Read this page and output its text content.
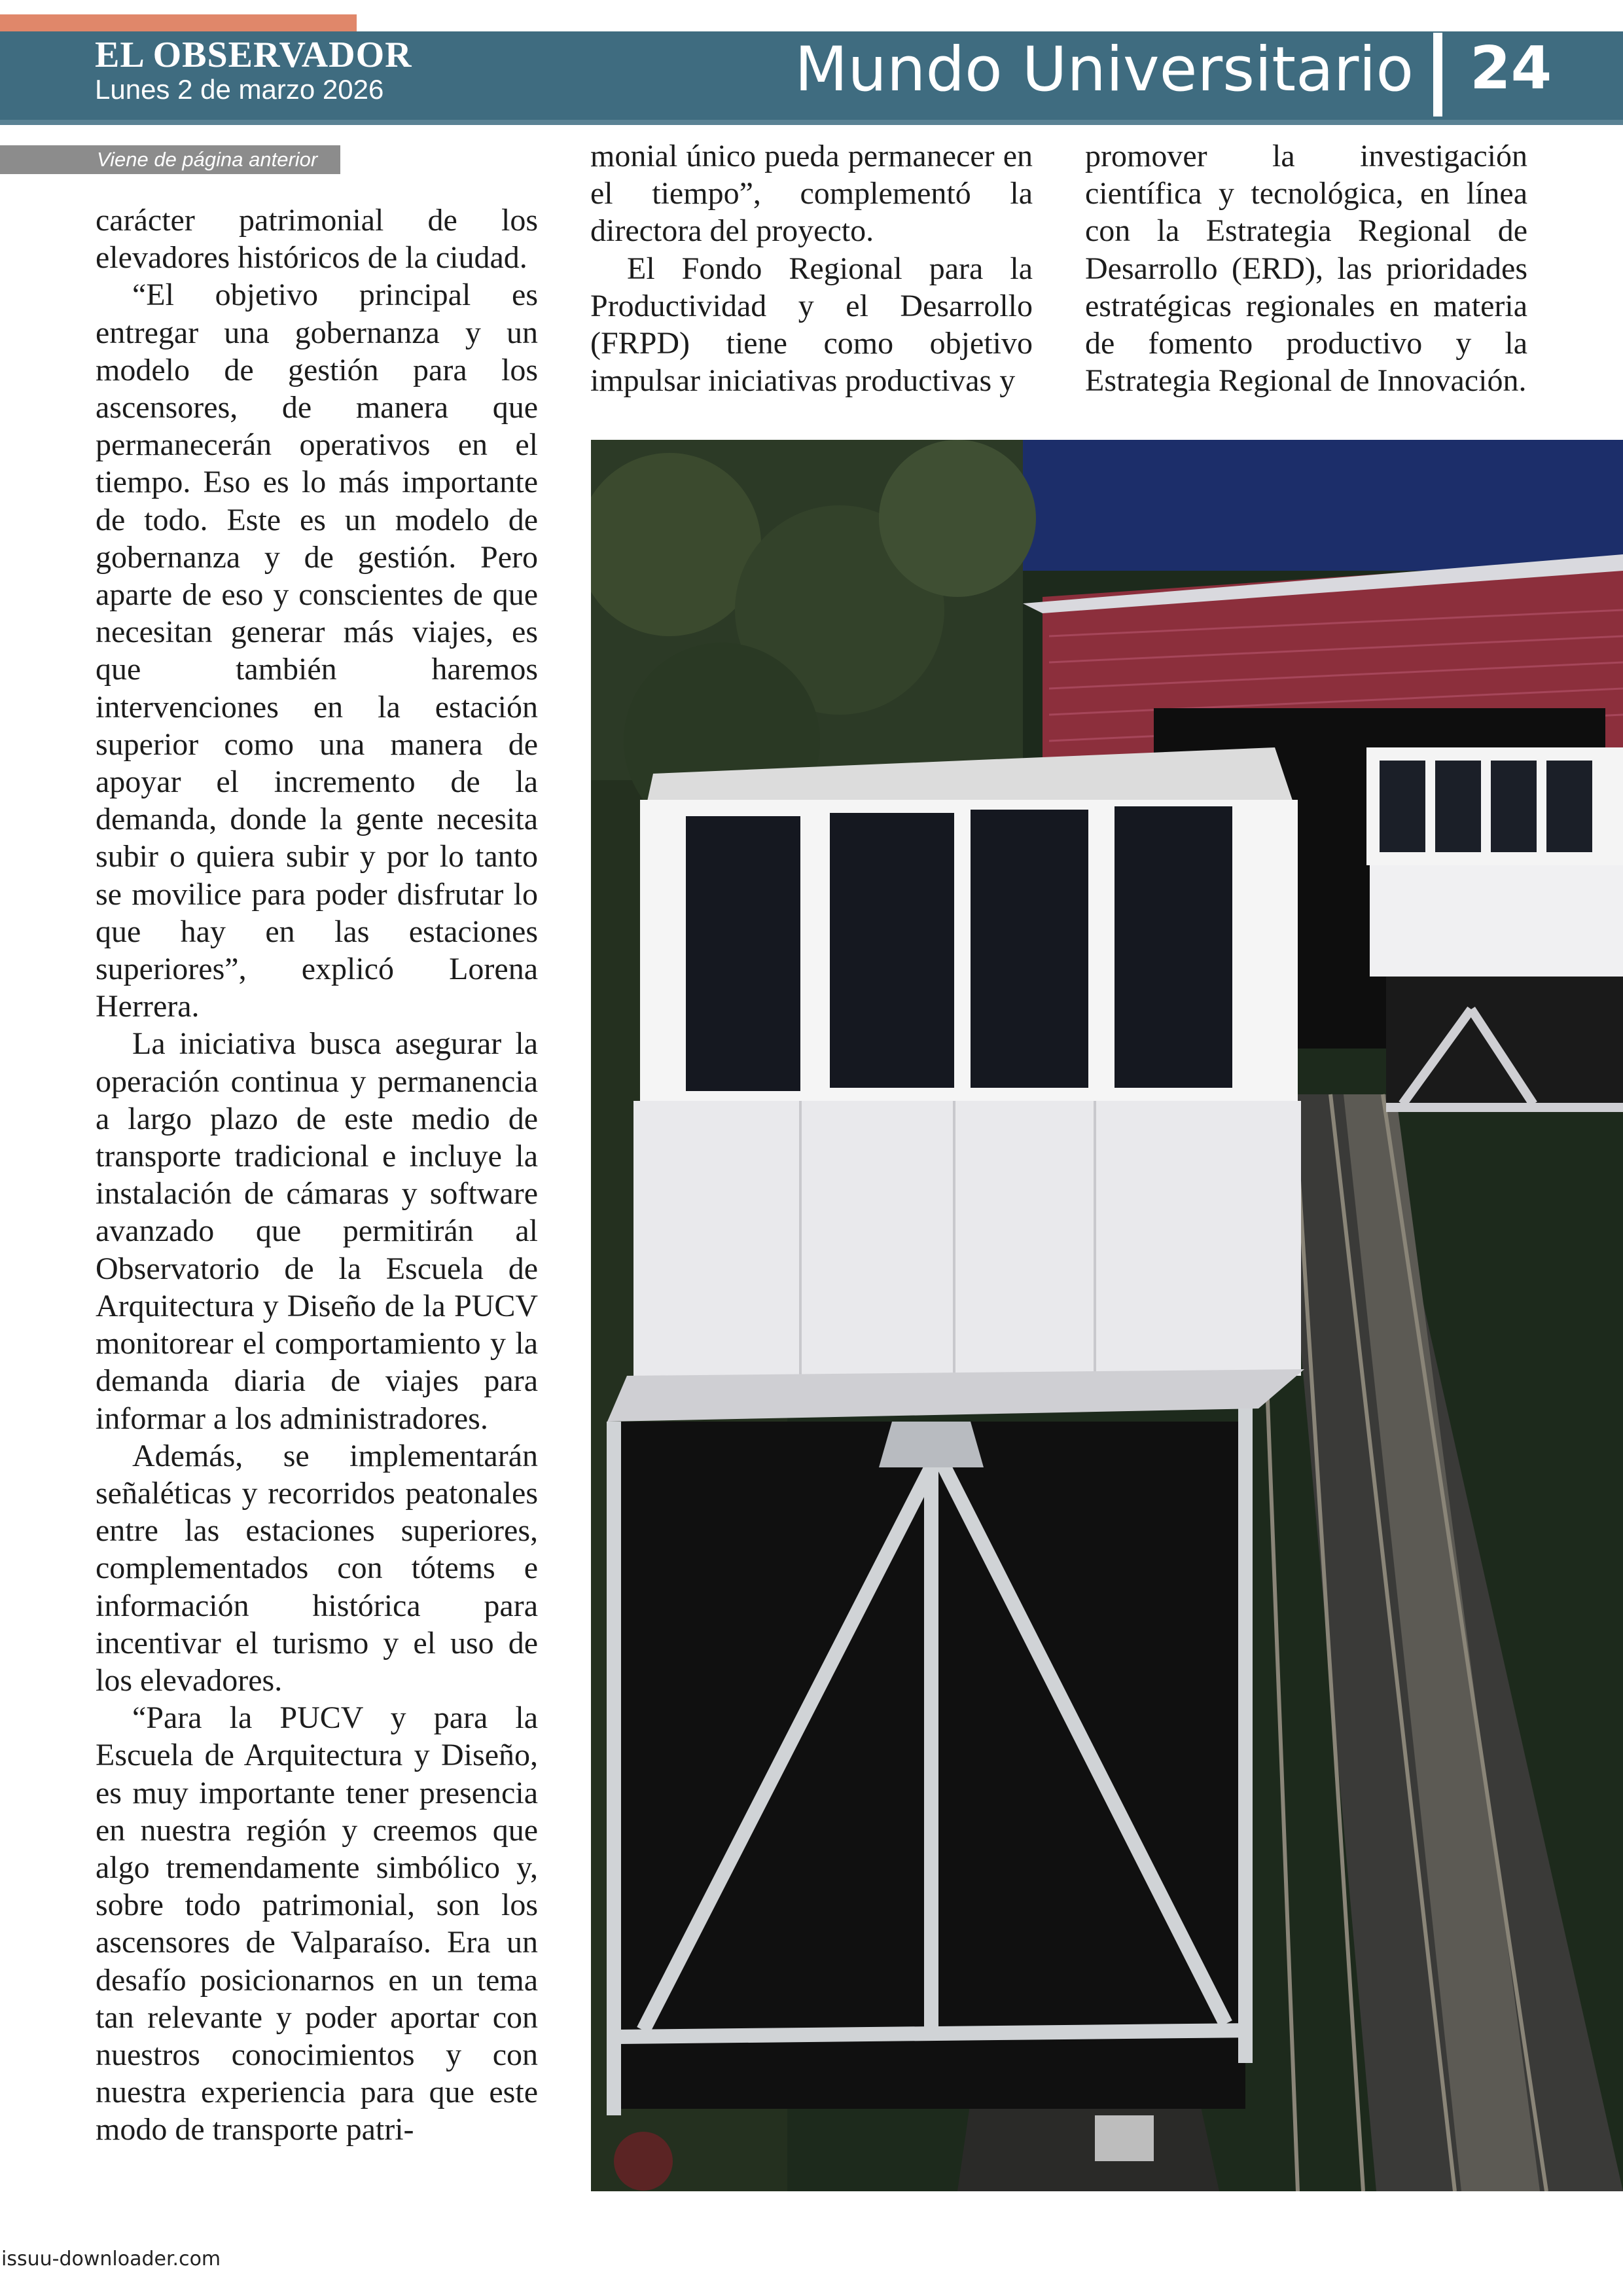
EL OBSERVADOR
Lunes 2 de marzo 2026	Mundo Universitario 24
Viene de página anterior

carácter patrimonial de los elevadores históricos de la ciudad.

“El objetivo principal es entregar una gobernanza y un modelo de gestión para los ascensores, de manera que permanecerán operativos en el tiempo. Eso es lo más importante de todo. Este es un modelo de gobernanza y de gestión. Pero aparte de eso y conscientes de que necesitan generar más viajes, es que también haremos intervenciones en la estación superior como una manera de apoyar el incremento de la demanda, donde la gente necesita subir o quiera subir y por lo tanto se movilice para poder disfrutar lo que hay en las estaciones superiores”, explicó Lorena Herrera.

La iniciativa busca asegurar la operación continua y permanencia a largo plazo de este medio de transporte tradicional e incluye la instalación de cámaras y software avanzado que permitirán al Observatorio de la Escuela de Arquitectura y Diseño de la PUCV monitorear el comportamiento y la demanda diaria de viajes para informar a los administradores.

Además, se implementarán señaléticas y recorridos peatonales entre las estaciones superiores, complementados con tótems e información histórica para incentivar el turismo y el uso de los elevadores.

“Para la PUCV y para la Escuela de Arquitectura y Diseño, es muy importante tener presencia en nuestra región y creemos que algo tremendamente simbólico y, sobre todo patrimonial, son los ascensores de Valparaíso. Era un desafío posicionarnos en un tema tan relevante y poder aportar con nuestros conocimientos y con nuestra experiencia para que este modo de transporte patri-

monial único pueda permanecer en el tiempo”, complementó la directora del proyecto.

El Fondo Regional para la Productividad y el Desarrollo (FRPD) tiene como objetivo impulsar iniciativas productivas y

promover la investigación científica y tecnológica, en línea con la Estrategia Regional de Desarrollo (ERD), las prioridades estratégicas regionales en materia de fomento productivo y la Estrategia Regional de Innovación.

issuu-downloader.com
